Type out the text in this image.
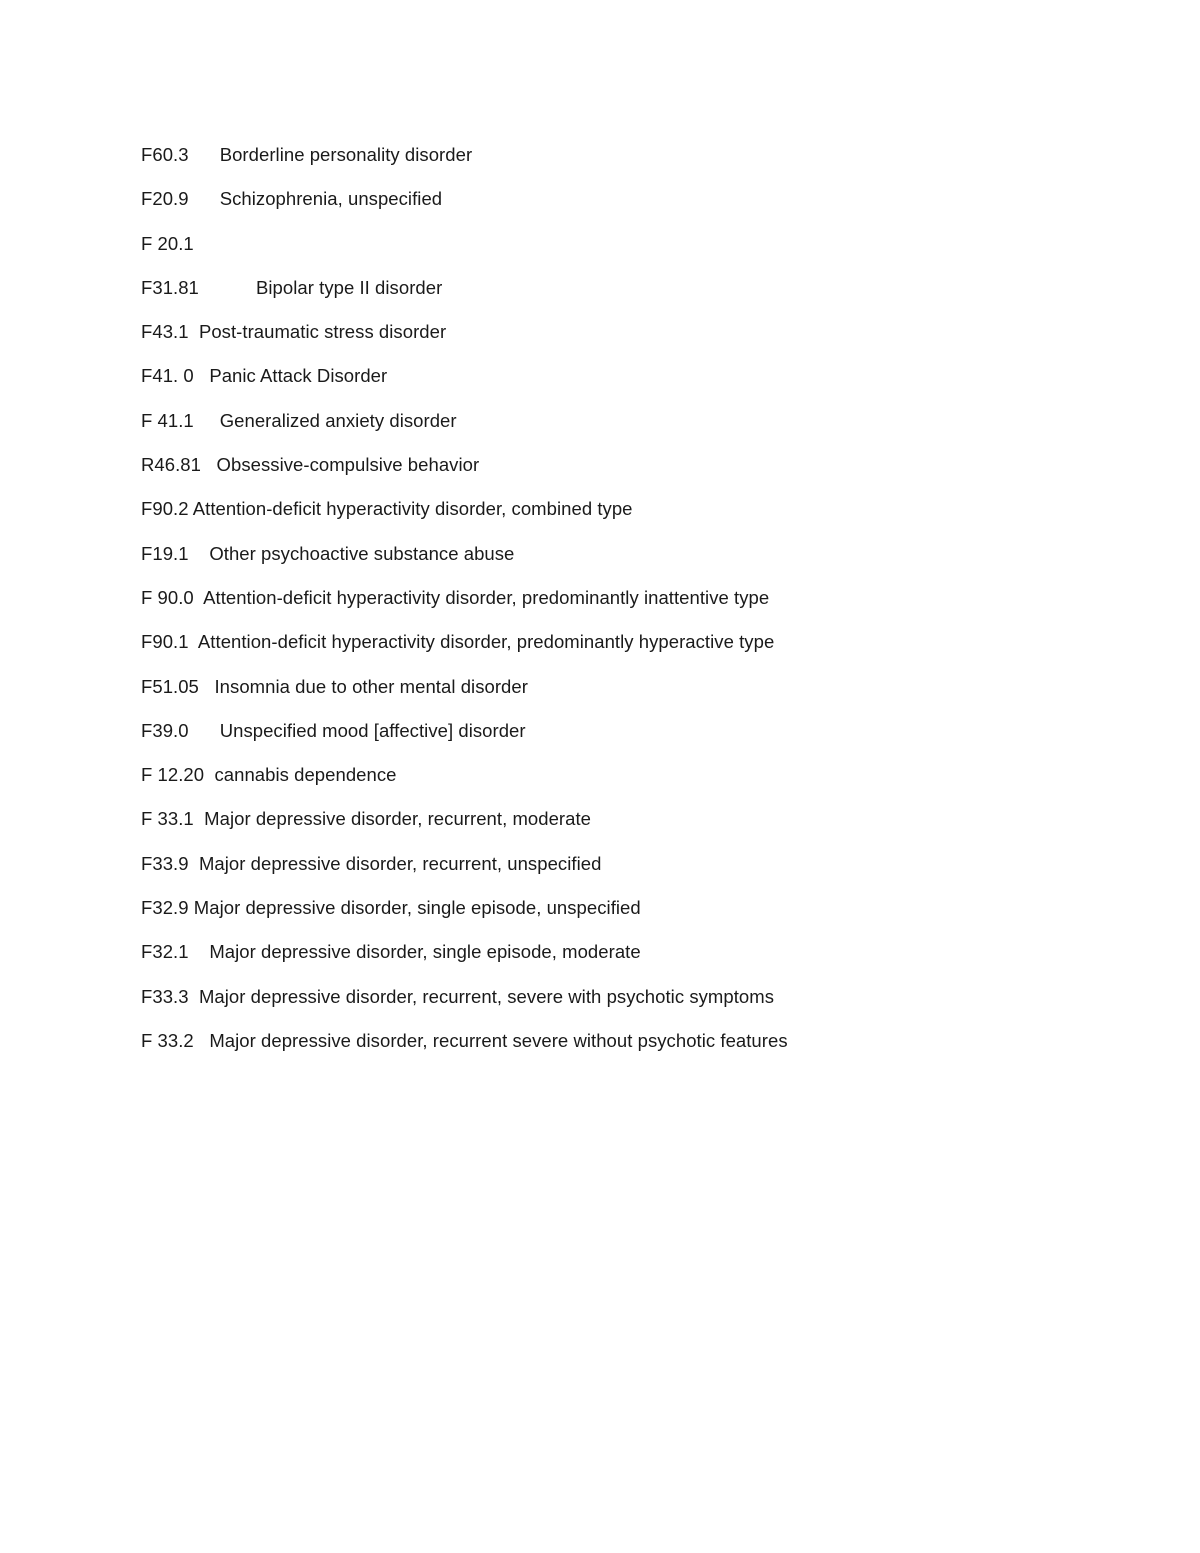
F60.3 Borderline personality disorder
F20.9 Schizophrenia, unspecified
F 20.1
F31.81	Bipolar type II disorder
F43.1 Post-traumatic stress disorder
F41. 0 Panic Attack Disorder
F 41.1 Generalized anxiety disorder
R46.81 Obsessive-compulsive behavior
F90.2 Attention-deficit hyperactivity disorder, combined type
F19.1 Other psychoactive substance abuse
F 90.0 Attention-deficit hyperactivity disorder, predominantly inattentive type
F90.1 Attention-deficit hyperactivity disorder, predominantly hyperactive type
F51.05 Insomnia due to other mental disorder
F39.0 Unspecified mood [affective] disorder
F 12.20 cannabis dependence
F 33.1 Major depressive disorder, recurrent, moderate
F33.9 Major depressive disorder, recurrent, unspecified
F32.9 Major depressive disorder, single episode, unspecified
F32.1 Major depressive disorder, single episode, moderate
F33.3 Major depressive disorder, recurrent, severe with psychotic symptoms
F 33.2 Major depressive disorder, recurrent severe without psychotic features
